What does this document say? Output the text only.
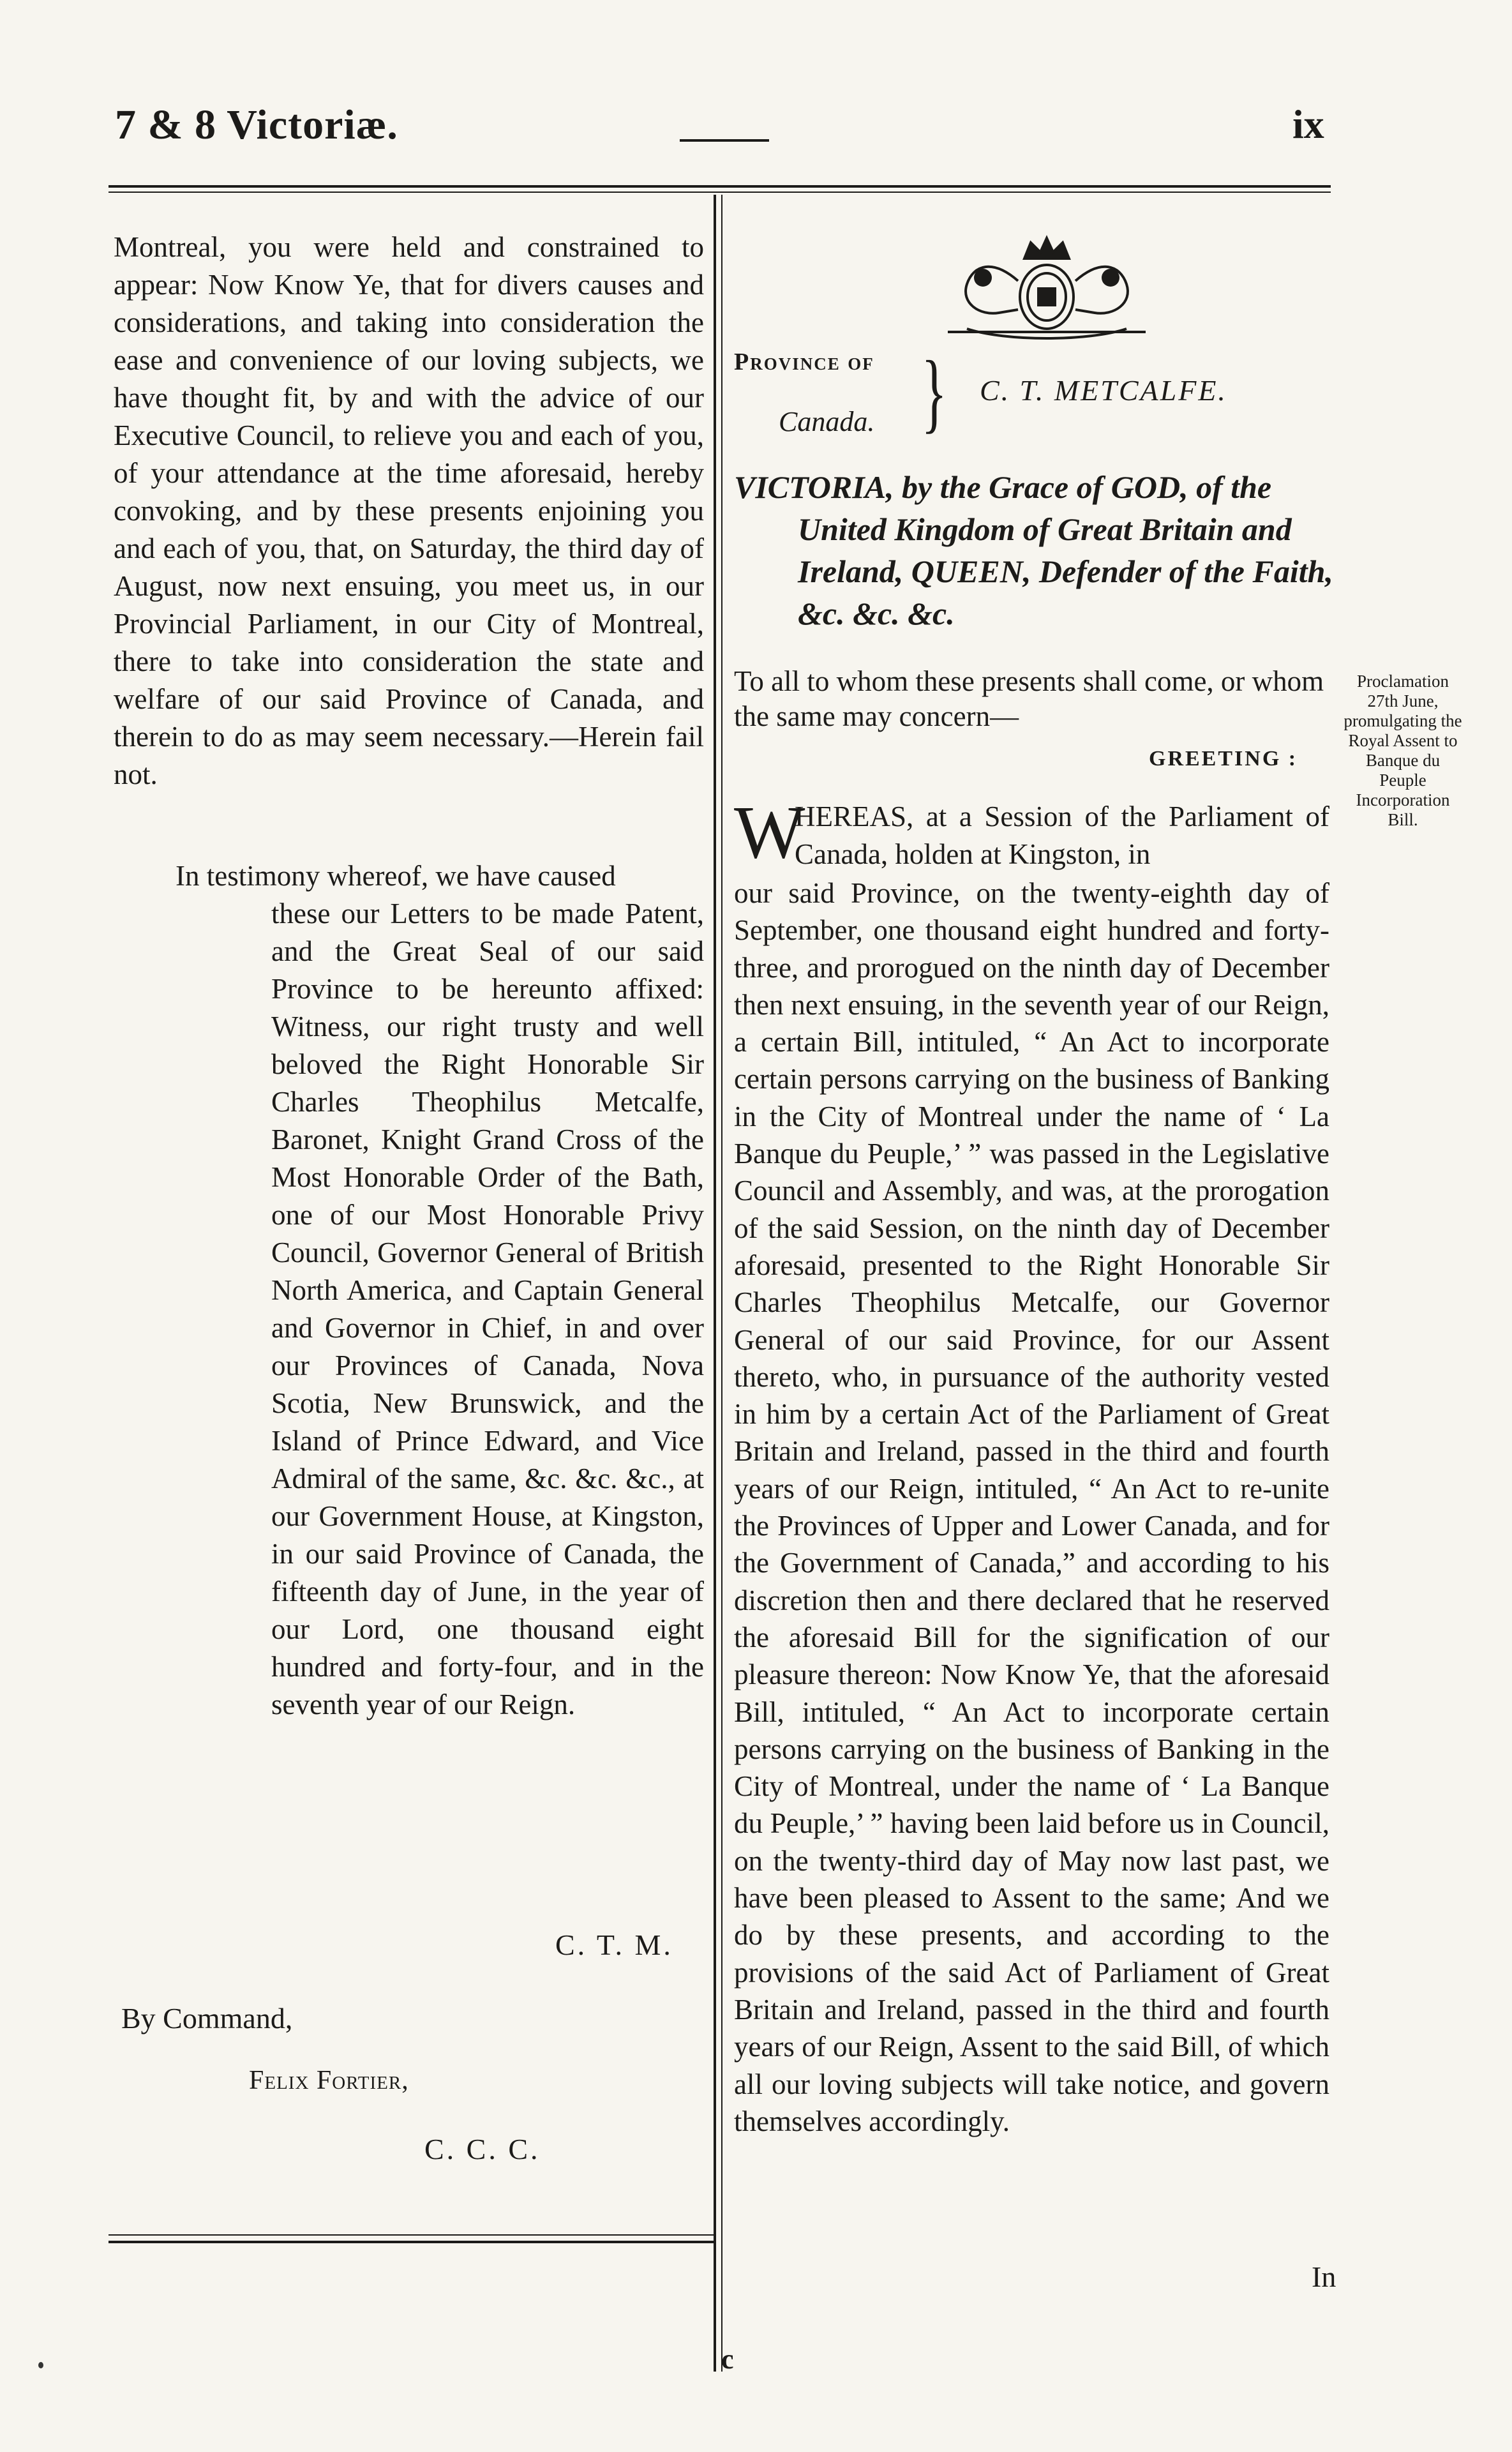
7 & 8 Victoriæ.	ix
Montreal, you were held and constrained to appear: Now Know Ye, that for divers causes and considerations, and taking into consideration the ease and convenience of our loving subjects, we have thought fit, by and with the advice of our Executive Council, to relieve you and each of you, of your attendance at the time aforesaid, hereby convoking, and by these presents enjoining you and each of you, that, on Saturday, the third day of August, now next ensuing, you meet us, in our Provincial Parliament, in our City of Montreal, there to take into consideration the state and welfare of our said Province of Canada, and therein to do as may seem necessary.—Herein fail not.
In testimony whereof, we have caused
these our Letters to be made Patent, and the Great Seal of our said Province to be hereunto affixed: Witness, our right trusty and well beloved the Right Honorable Sir Charles Theophilus Metcalfe, Baronet, Knight Grand Cross of the Most Honorable Order of the Bath, one of our Most Honorable Privy Council, Governor General of British North America, and Captain General and Governor in Chief, in and over our Provinces of Canada, Nova Scotia, New Brunswick, and the Island of Prince Edward, and Vice Admiral of the same, &c. &c. &c., at our Government House, at Kingston, in our said Province of Canada, the fifteenth day of June, in the year of our Lord, one thousand eight hundred and forty-four, and in the seventh year of our Reign.
C. T. M.
By Command,
Felix Fortier,
C. C. C.
Province of
Canada. } C. T. METCALFE.
VICTORIA, by the Grace of GOD, of the
United Kingdom of Great Britain and Ireland, QUEEN, Defender of the Faith, &c. &c. &c.
To all to whom these presents shall come, or whom the same may concern—
GREETING :
Proclamation 27th June, promulgating the Royal Assent to Banque du Peuple Incorporation Bill.
W
HEREAS, at a Session of the Parliament of Canada, holden at Kingston, in
our said Province, on the twenty-eighth day of September, one thousand eight hundred and forty-three, and prorogued on the ninth day of December then next ensuing, in the seventh year of our Reign, a certain Bill, intituled, “ An Act to incorporate certain persons carrying on the business of Banking in the City of Montreal under the name of ‘ La Banque du Peuple,’ ” was passed in the Legislative Council and Assembly, and was, at the prorogation of the said Session, on the ninth day of December aforesaid, presented to the Right Honorable Sir Charles Theophilus Metcalfe, our Governor General of our said Province, for our Assent thereto, who, in pursuance of the authority vested in him by a certain Act of the Parliament of Great Britain and Ireland, passed in the third and fourth years of our Reign, intituled, “ An Act to re-unite the Provinces of Upper and Lower Canada, and for the Government of Canada,” and according to his discretion then and there declared that he reserved the aforesaid Bill for the signification of our pleasure thereon: Now Know Ye, that the aforesaid Bill, intituled, “ An Act to incorporate certain persons carrying on the business of Banking in the City of Montreal, under the name of ‘ La Banque du Peuple,’ ” having been laid before us in Council, on the twenty-third day of May now last past, we have been pleased to Assent to the same; And we do by these presents, and according to the provisions of the said Act of Parliament of Great Britain and Ireland, passed in the third and fourth years of our Reign, Assent to the said Bill, of which all our loving subjects will take notice, and govern themselves accordingly.
In
c
